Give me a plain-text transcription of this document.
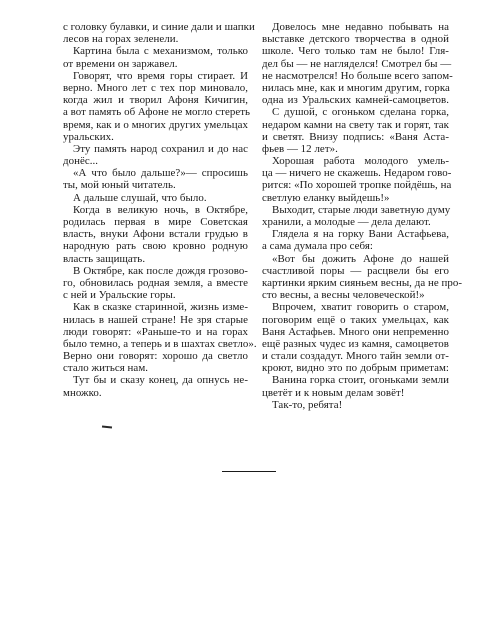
с головку булавки, и синие дали и шапки
лесов на горах зеленели.
Картина была с механизмом, только
от времени он заржавел.
Говорят, что время горы стирает. И
верно. Много лет с тех пор миновало,
когда жил и творил Афоня Кичигин,
а вот память об Афоне не могло стереть
время, как и о многих других умельцах
уральских.
Эту память народ сохранил и до нас
донёс...
«А что было дальше?»— спросишь
ты, мой юный читатель.
А дальше слушай, что было.
Когда в великую ночь, в Октябре,
родилась первая в мире Советская
власть, внуки Афони встали грудью в
народную рать свою кровно родную
власть защищать.
В Октябре, как после дождя грозово-
го, обновилась родная земля, а вместе
с ней и Уральские горы.
Как в сказке старинной, жизнь изме-
нилась в нашей стране! Не зря старые
люди говорят: «Раньше-то и на горах
было темно, а теперь и в шахтах светло».
Верно они говорят: хорошо да светло
стало житься нам.
Тут бы и сказу конец, да опнусь не-
множко.
Довелось мне недавно побывать на
выставке детского творчества в одной
школе. Чего только там не было! Гля-
дел бы — не нагляделся! Смотрел бы —
не насмотрелся! Но больше всего запом-
нилась мне, как и многим другим, горка
одна из Уральских камней-самоцветов.
С душой, с огоньком сделана горка,
недаром камни на свету так и горят, так
и светят. Внизу подпись: «Ваня Аста-
фьев — 12 лет».
Хорошая работа молодого умель-
ца — ничего не скажешь. Недаром гово-
рится: «По хорошей тропке пойдёшь, на
светлую еланку выйдешь!»
Выходит, старые люди заветную думу
хранили, а молодые — дела делают.
Глядела я на горку Вани Астафьева,
а сама думала про себя:
«Вот бы дожить Афоне до нашей
счастливой поры — расцвели бы его
картинки ярким сияньем весны, да не про-
сто весны, а весны человеческой!»
Впрочем, хватит говорить о старом,
поговорим ещё о таких умельцах, как
Ваня Астафьев. Много они непременно
ещё разных чудес из камня, самоцветов
и стали создадут. Много тайн земли от-
кроют, видно это по добрым приметам:
Ванина горка стоит, огоньками земли
цветёт и к новым делам зовёт!
Так-то, ребята!
